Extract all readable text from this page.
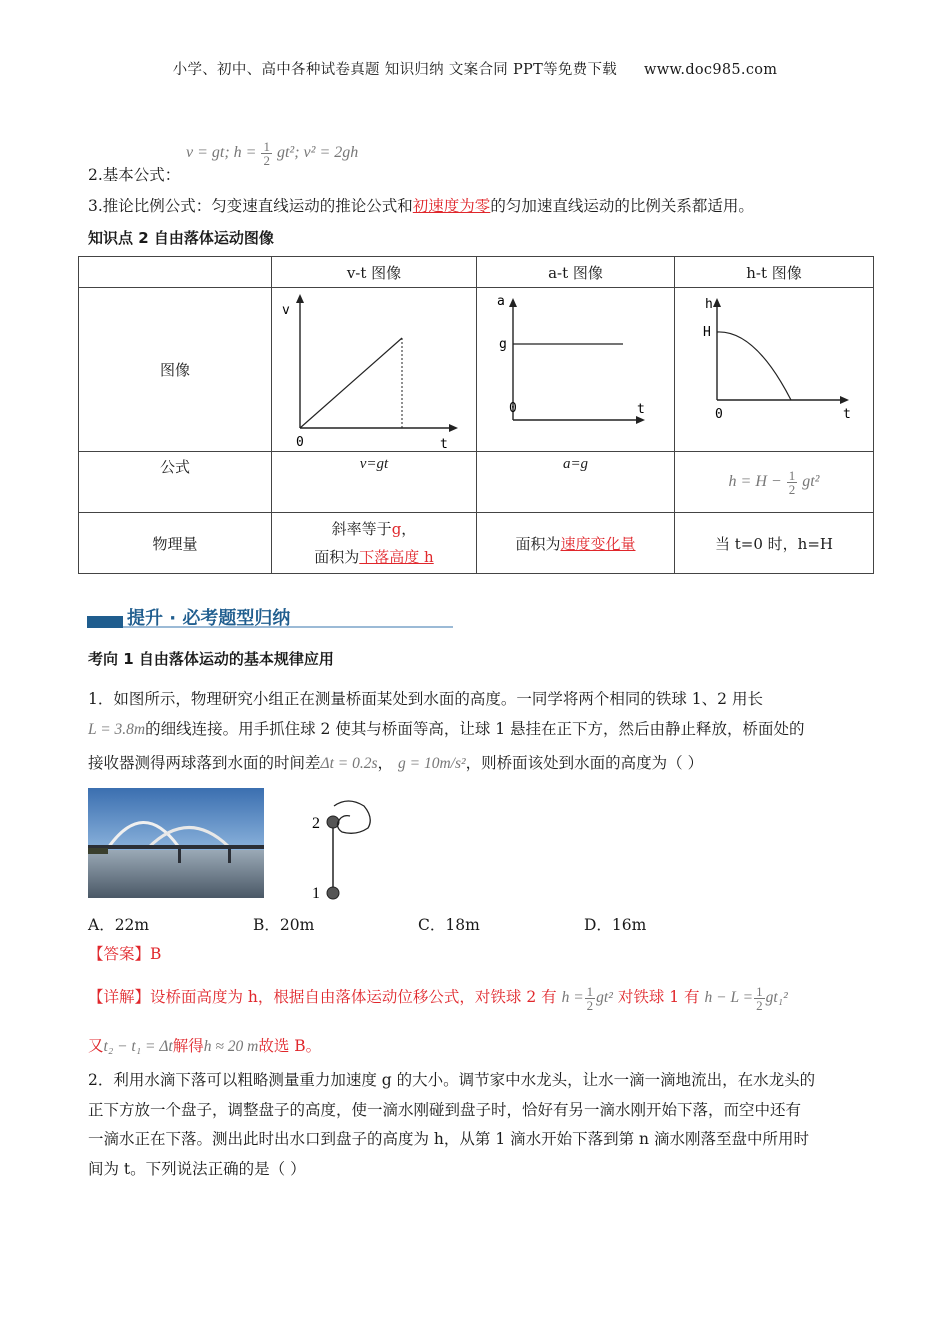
小学、初中、高中各种试卷真题 知识归纳 文案合同 PPT等免费下载 www.doc985.com
v = gt; $h = \frac{1}{2} gt^2$; v² = 2gh
2.基本公式：
3.推论比例公式：匀变速直线运动的推论公式和初速度为零的匀加速直线运动的比例关系都适用。
知识点 2 自由落体运动图像
	v-t 图像	a-t 图像	h-t 图像
图像	v
0 t	a
g
0 t	h
H
0 t

公式	v=gt	a=g	$h = H - \frac{1}{2} gt^2$
物理量	斜率等于g，
面积为下落高度 h	面积为速度变化量	当 t=0 时，h=H
提升 · 必考题型归纳
考向 1 自由落体运动的基本规律应用
1．如图所示，物理研究小组正在测量桥面某处到水面的高度。一同学将两个相同的铁球 1、2 用长
L = 3.8m的细线连接。用手抓住球 2 使其与桥面等高，让球 1 悬挂在正下方，然后由静止释放，桥面处的
接收器测得两球落到水面的时间差Δt = 0.2s， g = 10m/s²，则桥面该处到水面的高度为（ ）
2
1
A．22m	B．20m	C．18m	D．16m
【答案】B
【详解】设桥面高度为 h，根据自由落体运动位移公式，对铁球 2 有 $h = \frac{1}{2} gt^2$ 对铁球 1 有 $h - L = \frac{1}{2} gt_1^2$
又t₂ − t₁ = Δt解得h ≈ 20 m故选 B。
2．利用水滴下落可以粗略测量重力加速度 g 的大小。调节家中水龙头，让水一滴一滴地流出，在水龙头的
正下方放一个盘子，调整盘子的高度，使一滴水刚碰到盘子时，恰好有另一滴水刚开始下落，而空中还有
一滴水正在下落。测出此时出水口到盘子的高度为 h，从第 1 滴水开始下落到第 n 滴水刚落至盘中所用时
间为 t。下列说法正确的是（ ）
